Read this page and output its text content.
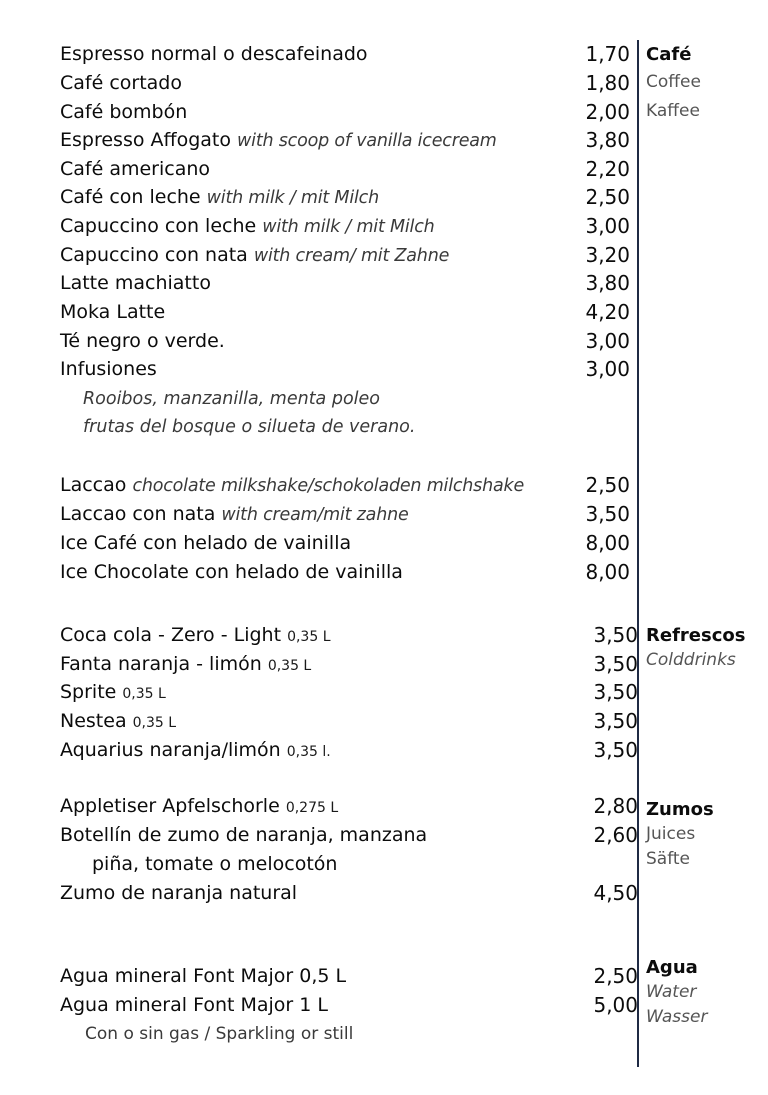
Espresso normal o descafeinado	1,70
Café cortado	1,80
Café bombón	2,00
Espresso Affogato with scoop of vanilla icecream	3,80
Café americano	2,20
Café con leche with milk / mit Milch	2,50
Capuccino con leche with milk / mit Milch	3,00
Capuccino con nata with cream/ mit Zahne	3,20
Latte machiatto	3,80
Moka Latte	4,20
Té negro o verde.	3,00
Infusiones	3,00
Rooibos, manzanilla, menta poleo
frutas del bosque o silueta de verano.
Café
Coffee
Kaffee
Laccao chocolate milkshake/schokoladen milchshake	2,50
Laccao con nata with cream/mit zahne	3,50
Ice Café con helado de vainilla	8,00
Ice Chocolate con helado de vainilla	8,00
Coca cola - Zero - Light 0,35 L	3,50
Fanta naranja - limón 0,35 L	3,50
Sprite 0,35 L	3,50
Nestea 0,35 L	3,50
Aquarius naranja/limón 0,35 l.	3,50
Refrescos
Colddrinks
Appletiser Apfelschorle 0,275 L	2,80
Botellín de zumo de naranja, manzana	2,60
piña, tomate o melocotón
Zumo de naranja natural	4,50
Zumos
Juices
Säfte
Agua mineral Font Major 0,5 L	2,50
Agua mineral Font Major 1 L	5,00
Con o sin gas / Sparkling or still
Agua
Water
Wasser
